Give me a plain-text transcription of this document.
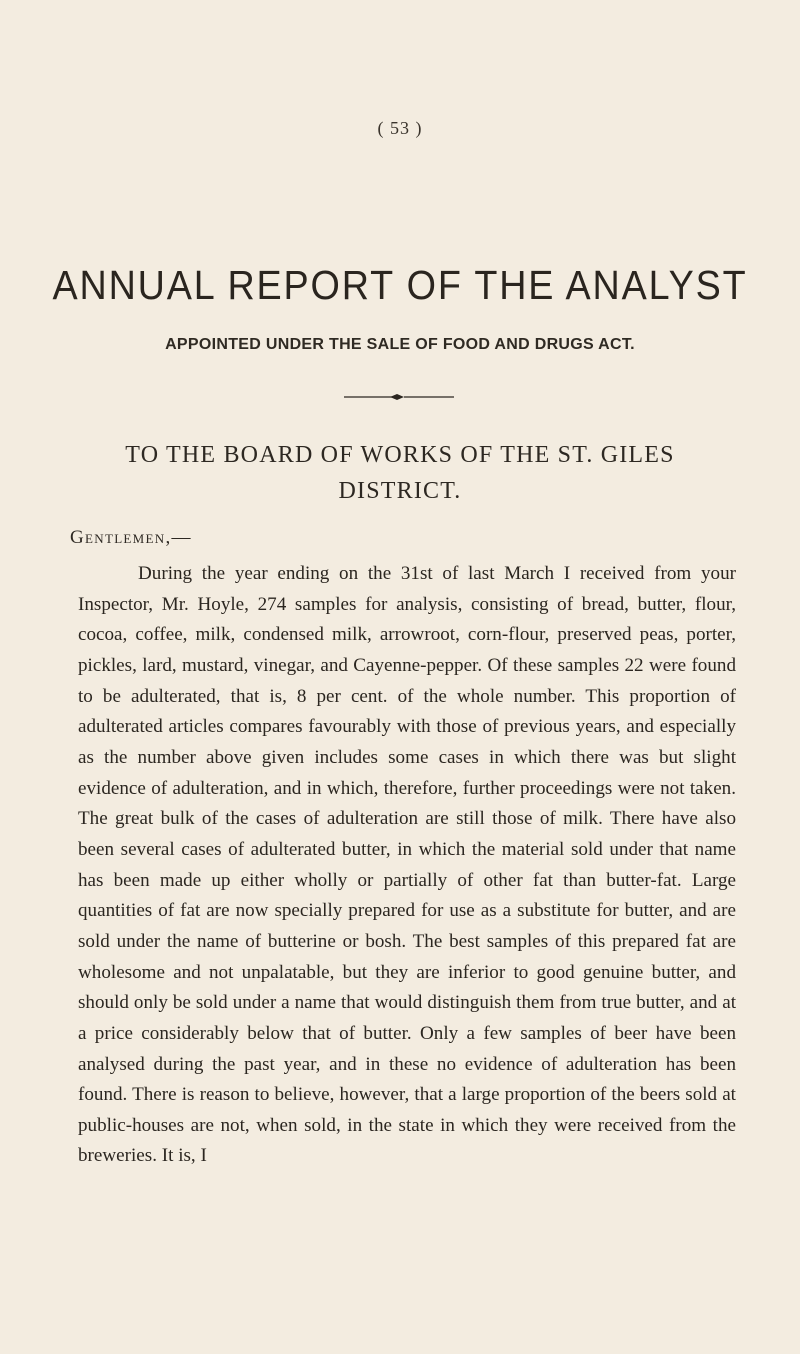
( 53 )
ANNUAL REPORT OF THE ANALYST
APPOINTED UNDER THE SALE OF FOOD AND DRUGS ACT.
TO THE BOARD OF WORKS OF THE ST. GILES DISTRICT.
Gentlemen,—

During the year ending on the 31st of last March I received from your Inspector, Mr. Hoyle, 274 samples for analysis, consisting of bread, butter, flour, cocoa, coffee, milk, condensed milk, arrowroot, corn-flour, preserved peas, porter, pickles, lard, mustard, vinegar, and Cayenne-pepper. Of these samples 22 were found to be adulterated, that is, 8 per cent. of the whole number. This proportion of adulterated articles compares favourably with those of previous years, and especially as the number above given includes some cases in which there was but slight evidence of adulteration, and in which, therefore, further proceedings were not taken. The great bulk of the cases of adulteration are still those of milk. There have also been several cases of adulterated butter, in which the material sold under that name has been made up either wholly or partially of other fat than butter-fat. Large quantities of fat are now specially prepared for use as a substitute for butter, and are sold under the name of butterine or bosh. The best samples of this prepared fat are wholesome and not unpalatable, but they are inferior to good genuine butter, and should only be sold under a name that would distinguish them from true butter, and at a price considerably below that of butter. Only a few samples of beer have been analysed during the past year, and in these no evidence of adulteration has been found. There is reason to believe, however, that a large proportion of the beers sold at public-houses are not, when sold, in the state in which they were received from the breweries. It is, I
